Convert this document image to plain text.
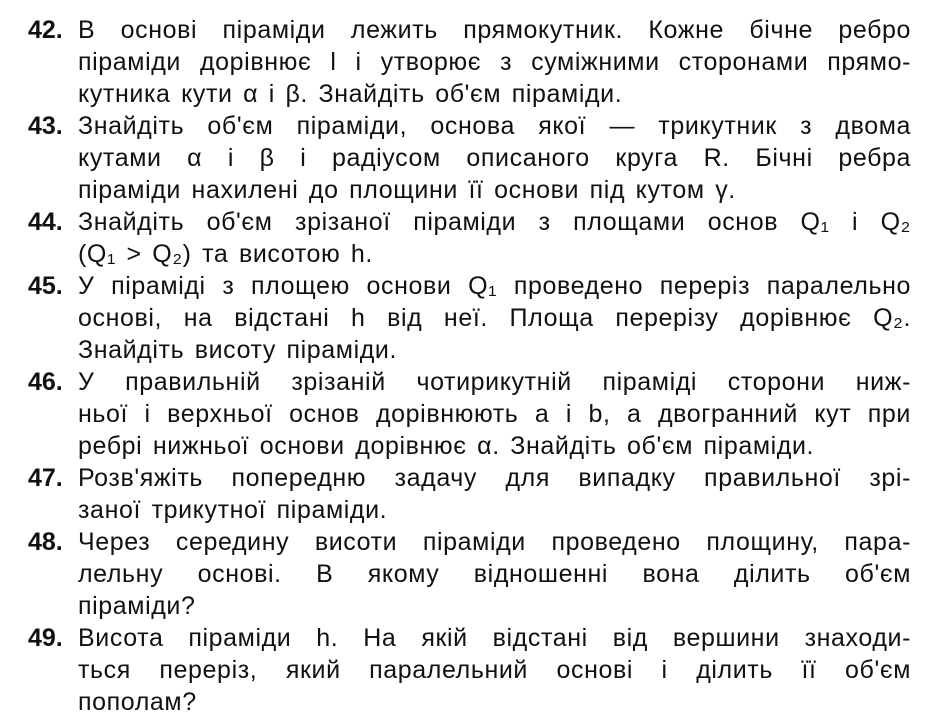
42. В основі піраміди лежить прямокутник. Кожне бічне ребро
піраміди дорівнює l і утворює з суміжними сторонами прямо-
кутника кути α і β. Знайдіть об'єм піраміди.
43. Знайдіть об'єм піраміди, основа якої — трикутник з двома
кутами α і β і радіусом описаного круга R. Бічні ребра
піраміди нахилені до площини її основи під кутом γ.
44. Знайдіть об'єм зрізаної піраміди з площами основ Q₁ і Q₂
(Q₁ > Q₂) та висотою h.
45. У піраміді з площею основи Q₁ проведено переріз паралельно
основі, на відстані h від неї. Площа перерізу дорівнює Q₂.
Знайдіть висоту піраміди.
46. У правильній зрізаній чотирикутній піраміді сторони ниж-
ньої і верхньої основ дорівнюють a і b, а двогранний кут при
ребрі нижньої основи дорівнює α. Знайдіть об'єм піраміди.
47. Розв'яжіть попередню задачу для випадку правильної зрі-
заної трикутної піраміди.
48. Через середину висоти піраміди проведено площину, пара-
лельну основі. В якому відношенні вона ділить об'єм
піраміди?
49. Висота піраміди h. На якій відстані від вершини знаходи-
ться переріз, який паралельний основі і ділить її об'єм
пополам?
